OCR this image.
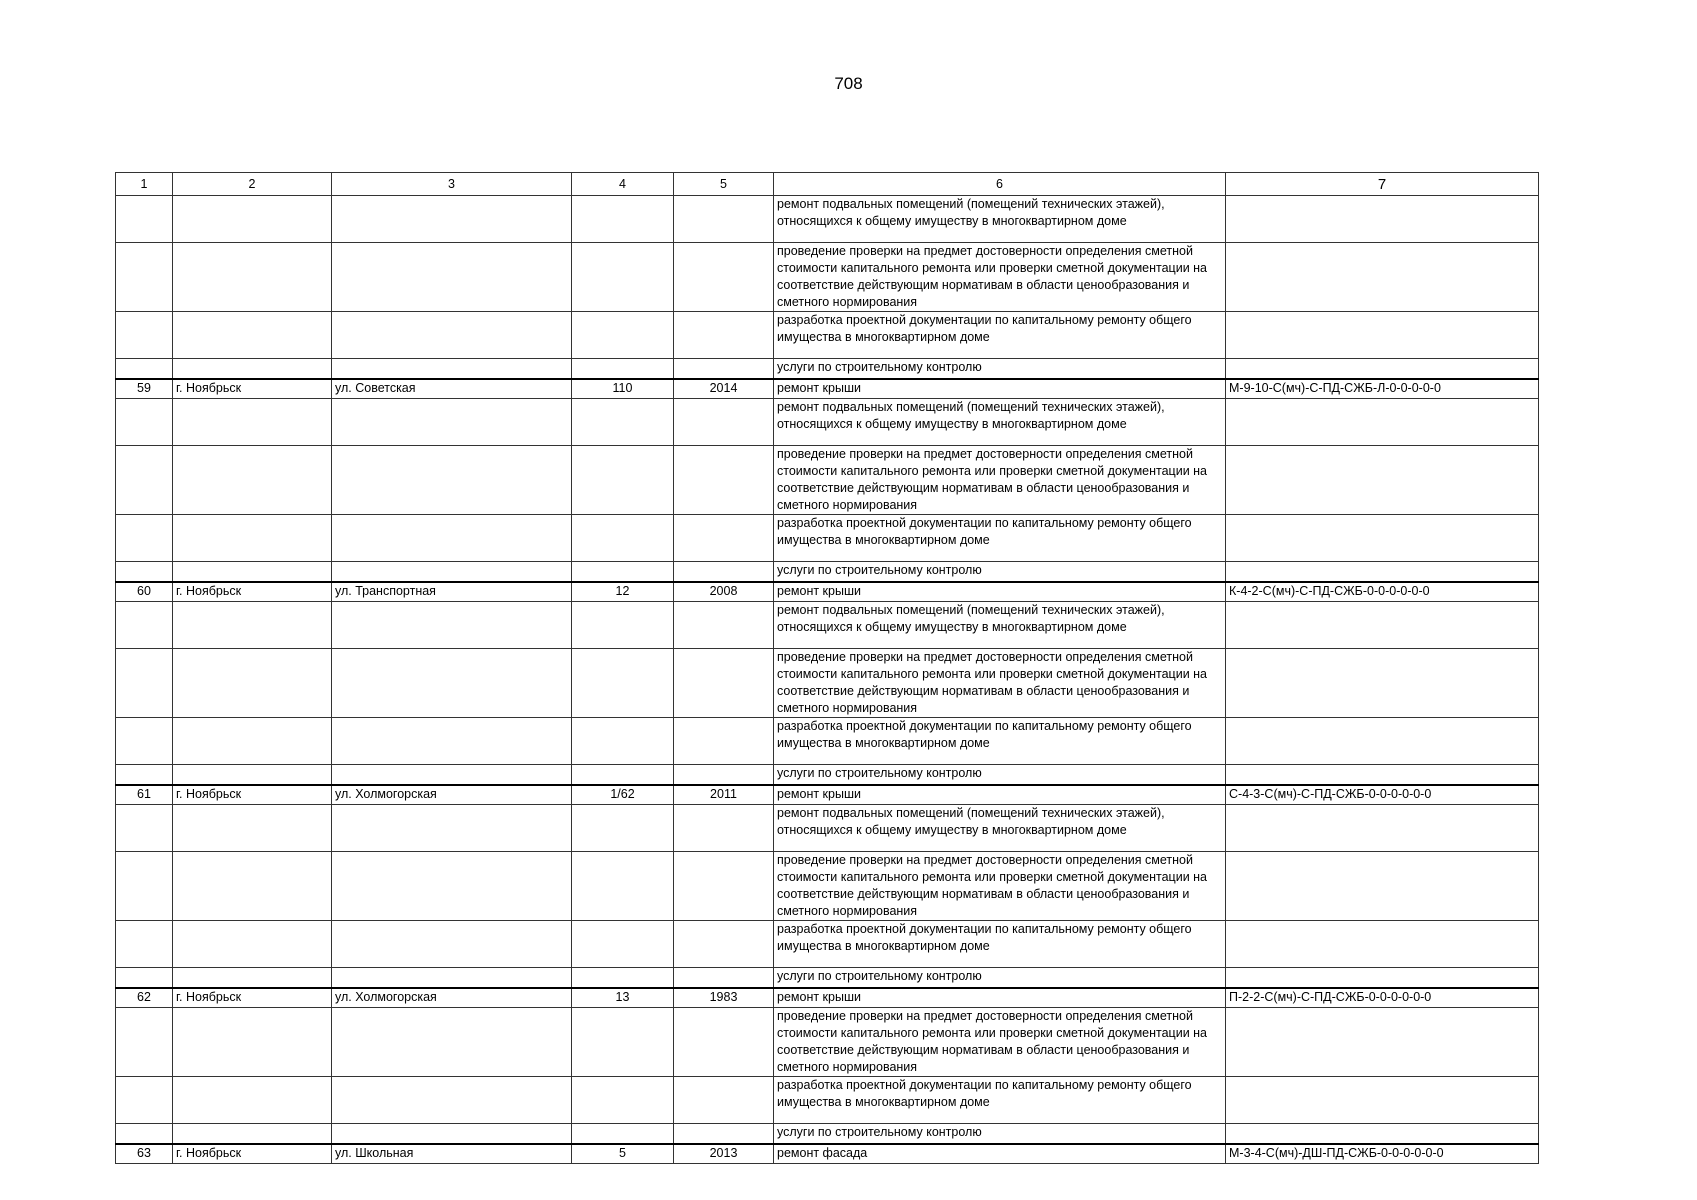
708
1	2	3	4	5	6	7
					ремонт подвальных помещений (помещений технических этажей), относящихся к общему имуществу в многоквартирном доме	
					проведение проверки на предмет достоверности определения сметной стоимости капитального ремонта или проверки сметной документации на соответствие действующим нормативам в области ценообразования и сметного нормирования	
					разработка проектной документации по капитальному ремонту общего имущества в многоквартирном доме	
					услуги по строительному контролю	
59	г. Ноябрьск	ул. Советская	110	2014	ремонт крыши	М-9-10-С(мч)-С-ПД-СЖБ-Л-0-0-0-0-0
					ремонт подвальных помещений (помещений технических этажей), относящихся к общему имуществу в многоквартирном доме	
					проведение проверки на предмет достоверности определения сметной стоимости капитального ремонта или проверки сметной документации на соответствие действующим нормативам в области ценообразования и сметного нормирования	
					разработка проектной документации по капитальному ремонту общего имущества в многоквартирном доме	
					услуги по строительному контролю	
60	г. Ноябрьск	ул. Транспортная	12	2008	ремонт крыши	К-4-2-С(мч)-С-ПД-СЖБ-0-0-0-0-0-0
					ремонт подвальных помещений (помещений технических этажей), относящихся к общему имуществу в многоквартирном доме	
					проведение проверки на предмет достоверности определения сметной стоимости капитального ремонта или проверки сметной документации на соответствие действующим нормативам в области ценообразования и сметного нормирования	
					разработка проектной документации по капитальному ремонту общего имущества в многоквартирном доме	
					услуги по строительному контролю	
61	г. Ноябрьск	ул. Холмогорская	1/62	2011	ремонт крыши	С-4-3-С(мч)-С-ПД-СЖБ-0-0-0-0-0-0
					ремонт подвальных помещений (помещений технических этажей), относящихся к общему имуществу в многоквартирном доме	
					проведение проверки на предмет достоверности определения сметной стоимости капитального ремонта или проверки сметной документации на соответствие действующим нормативам в области ценообразования и сметного нормирования	
					разработка проектной документации по капитальному ремонту общего имущества в многоквартирном доме	
					услуги по строительному контролю	
62	г. Ноябрьск	ул. Холмогорская	13	1983	ремонт крыши	П-2-2-С(мч)-С-ПД-СЖБ-0-0-0-0-0-0
					проведение проверки на предмет достоверности определения сметной стоимости капитального ремонта или проверки сметной документации на соответствие действующим нормативам в области ценообразования и сметного нормирования	
					разработка проектной документации по капитальному ремонту общего имущества в многоквартирном доме	
					услуги по строительному контролю	
63	г. Ноябрьск	ул. Школьная	5	2013	ремонт фасада	М-3-4-С(мч)-ДШ-ПД-СЖБ-0-0-0-0-0-0
